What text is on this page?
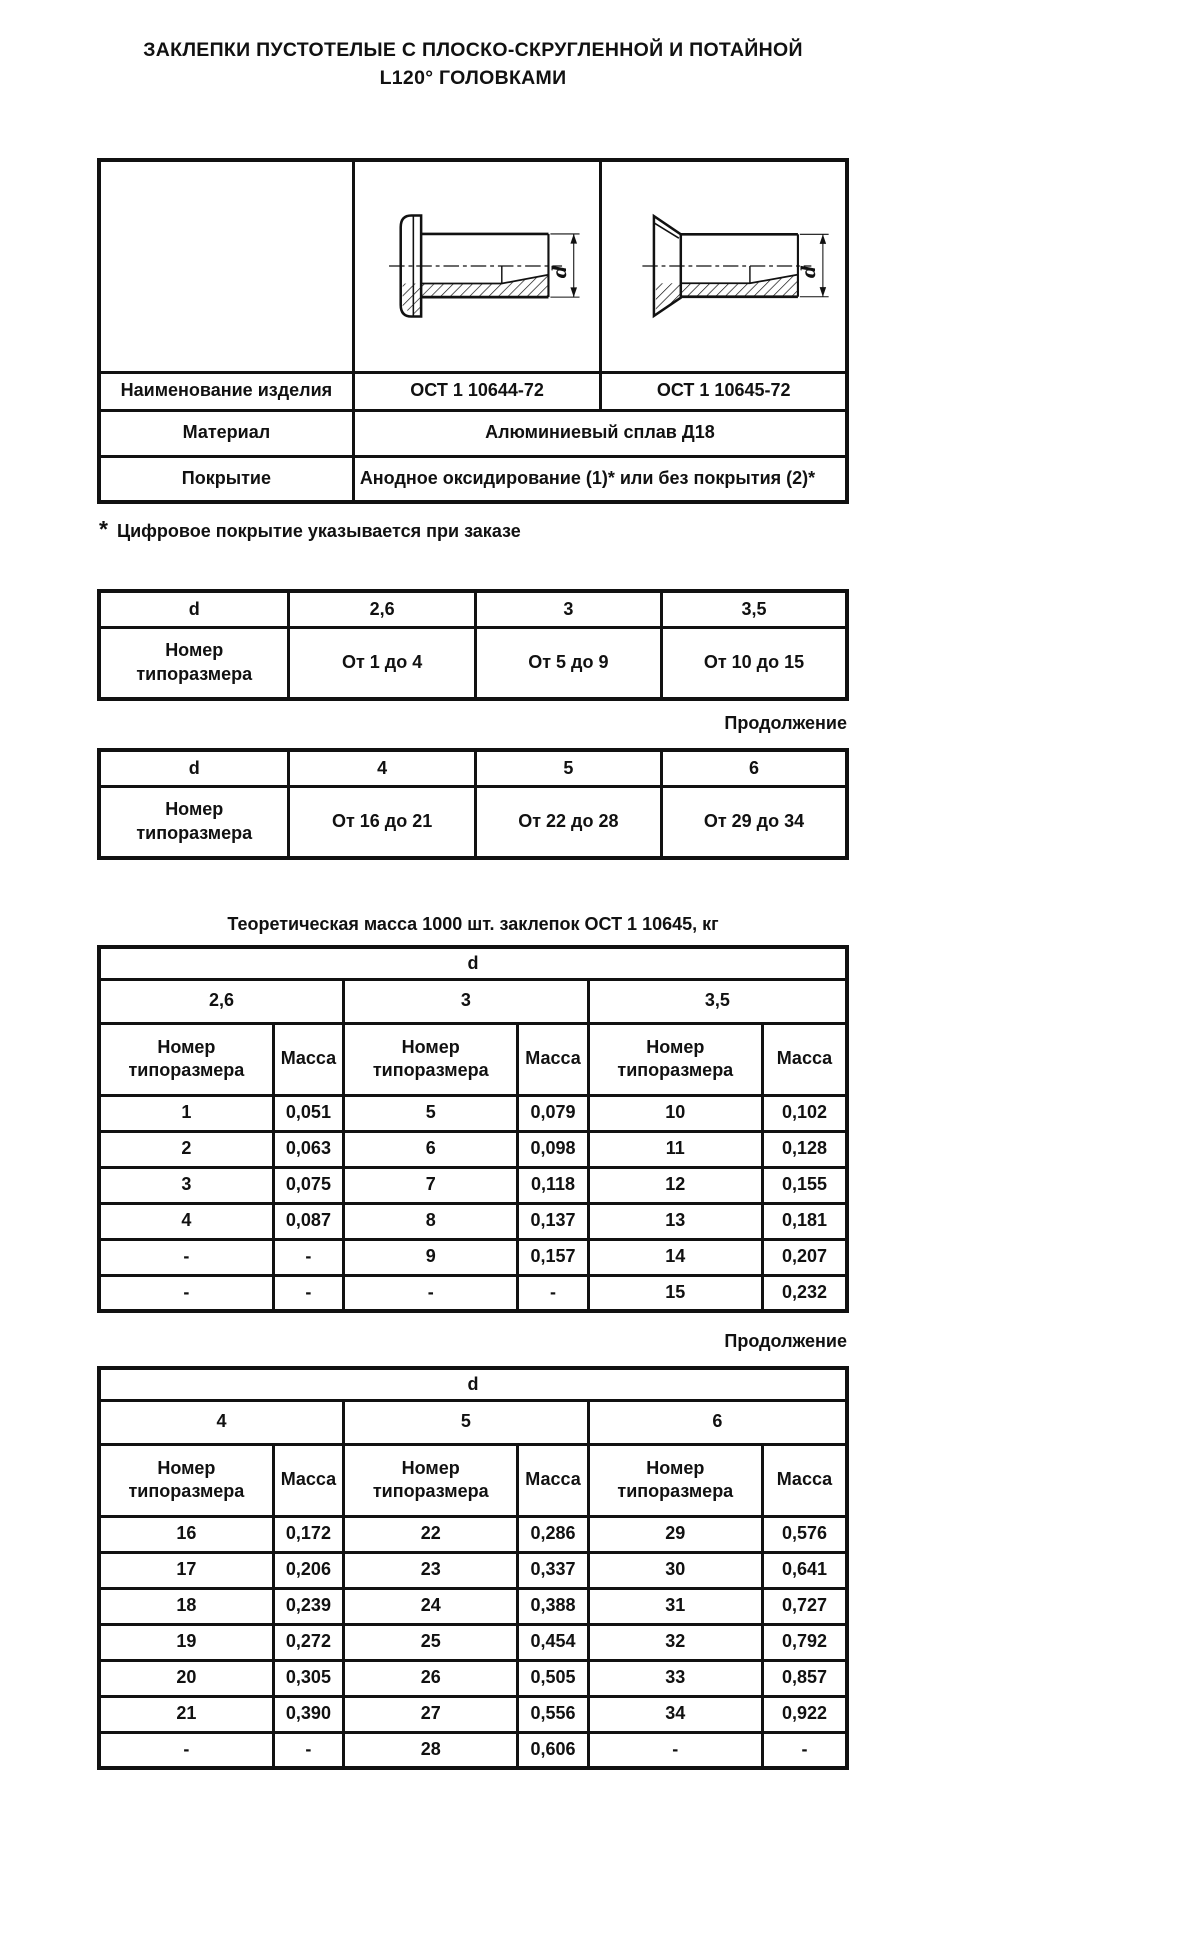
ЗАКЛЕПКИ ПУСТОТЕЛЫЕ С ПЛОСКО-СКРУГЛЕННОЙ И ПОТАЙНОЙ
L120° ГОЛОВКАМИ

d	d

Наименование изделия	ОСТ 1 10644-72	ОСТ 1 10645-72
Материал	Алюминиевый сплав Д18	
Покрытие	Анодное оксидирование (1)* или без покрытия (2)*	
* Цифровое покрытие указывается при заказе
d	2,6	3	3,5
Номер типоразмера	От 1 до 4	От 5 до 9	От 10 до 15
Продолжение
d	4	5	6
Номер типоразмера	От 16 до 21	От 22 до 28	От 29 до 34
Теоретическая масса 1000 шт. заклепок ОСТ 1 10645, кг
d					
2,6		3		3,5	
Номер типоразмера	Масса	Номер типоразмера	Масса	Номер типоразмера	Масса
1	0,051	5	0,079	10	0,102
2	0,063	6	0,098	11	0,128
3	0,075	7	0,118	12	0,155
4	0,087	8	0,137	13	0,181
-	-	9	0,157	14	0,207
-	-	-	-	15	0,232
Продолжение
d					
4		5		6	
Номер типоразмера	Масса	Номер типоразмера	Масса	Номер типоразмера	Масса
16	0,172	22	0,286	29	0,576
17	0,206	23	0,337	30	0,641
18	0,239	24	0,388	31	0,727
19	0,272	25	0,454	32	0,792
20	0,305	26	0,505	33	0,857
21	0,390	27	0,556	34	0,922
-	-	28	0,606	-	-
